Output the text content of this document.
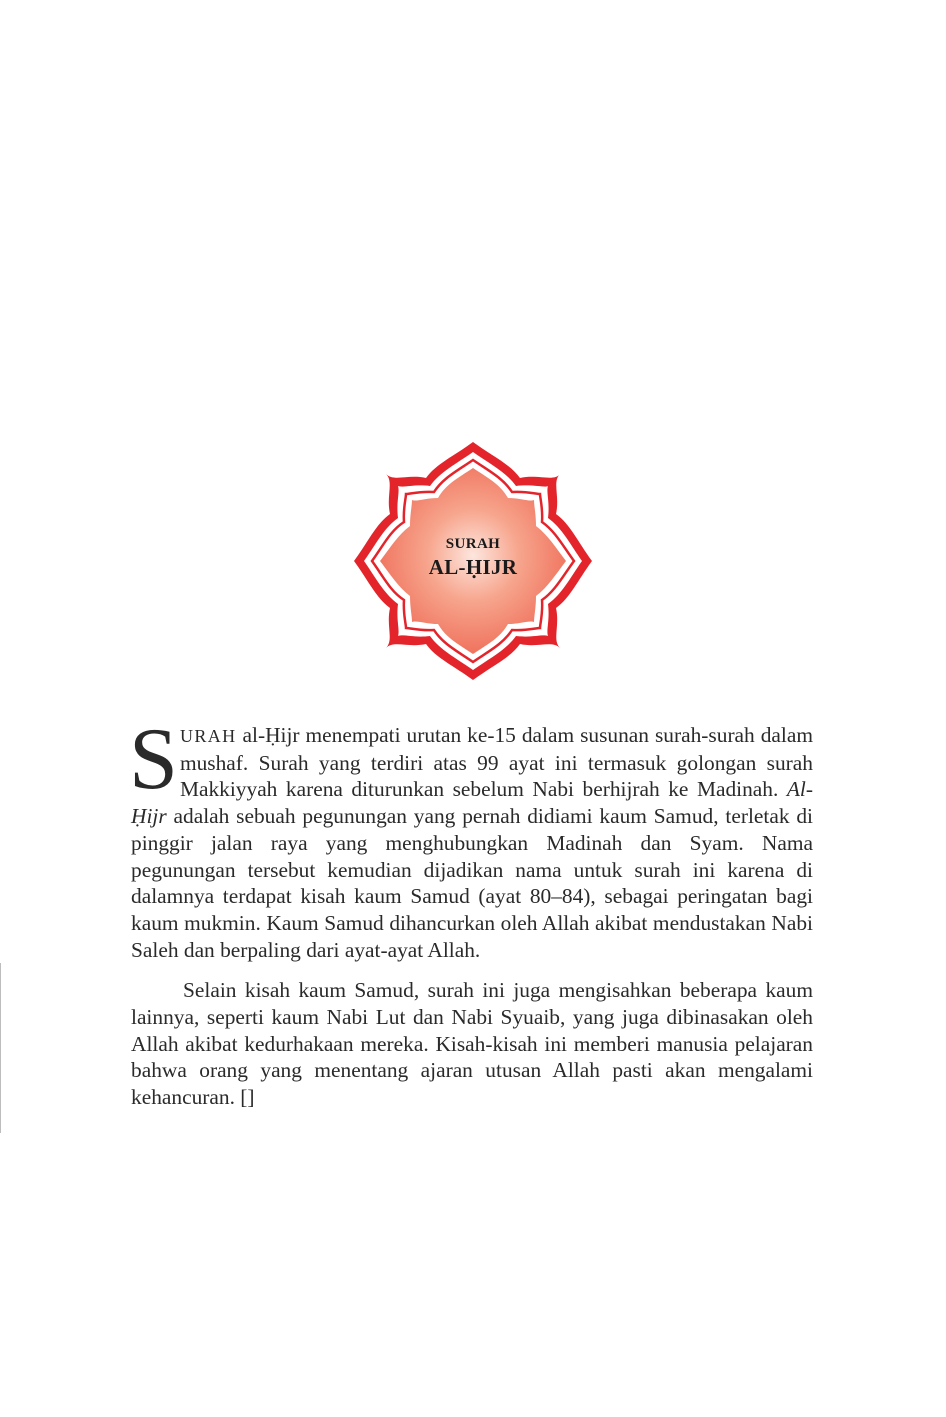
SURAH
AL-ḤIJR

SURAH al-Ḥijr menempati urutan ke-15 dalam susunan surah-surah dalam mushaf. Surah yang terdiri atas 99 ayat ini termasuk golongan surah Makkiyyah karena diturunkan sebelum Nabi berhijrah ke Madinah. Al-Ḥijr adalah sebuah pegunungan yang pernah didiami kaum Samud, terletak di pinggir jalan raya yang menghubungkan Madinah dan Syam. Nama pegunungan tersebut kemudian dijadikan nama untuk surah ini karena di dalamnya terdapat kisah kaum Samud (ayat 80–84), sebagai peringatan bagi kaum mukmin. Kaum Samud dihancurkan oleh Allah akibat mendustakan Nabi Saleh dan berpaling dari ayat-ayat Allah.

Selain kisah kaum Samud, surah ini juga mengisahkan beberapa kaum lainnya, seperti kaum Nabi Lut dan Nabi Syuaib, yang juga dibinasakan oleh Allah akibat kedurhakaan mereka. Kisah-kisah ini memberi manusia pelajaran bahwa orang yang menentang ajaran utusan Allah pasti akan mengalami kehancuran. []
